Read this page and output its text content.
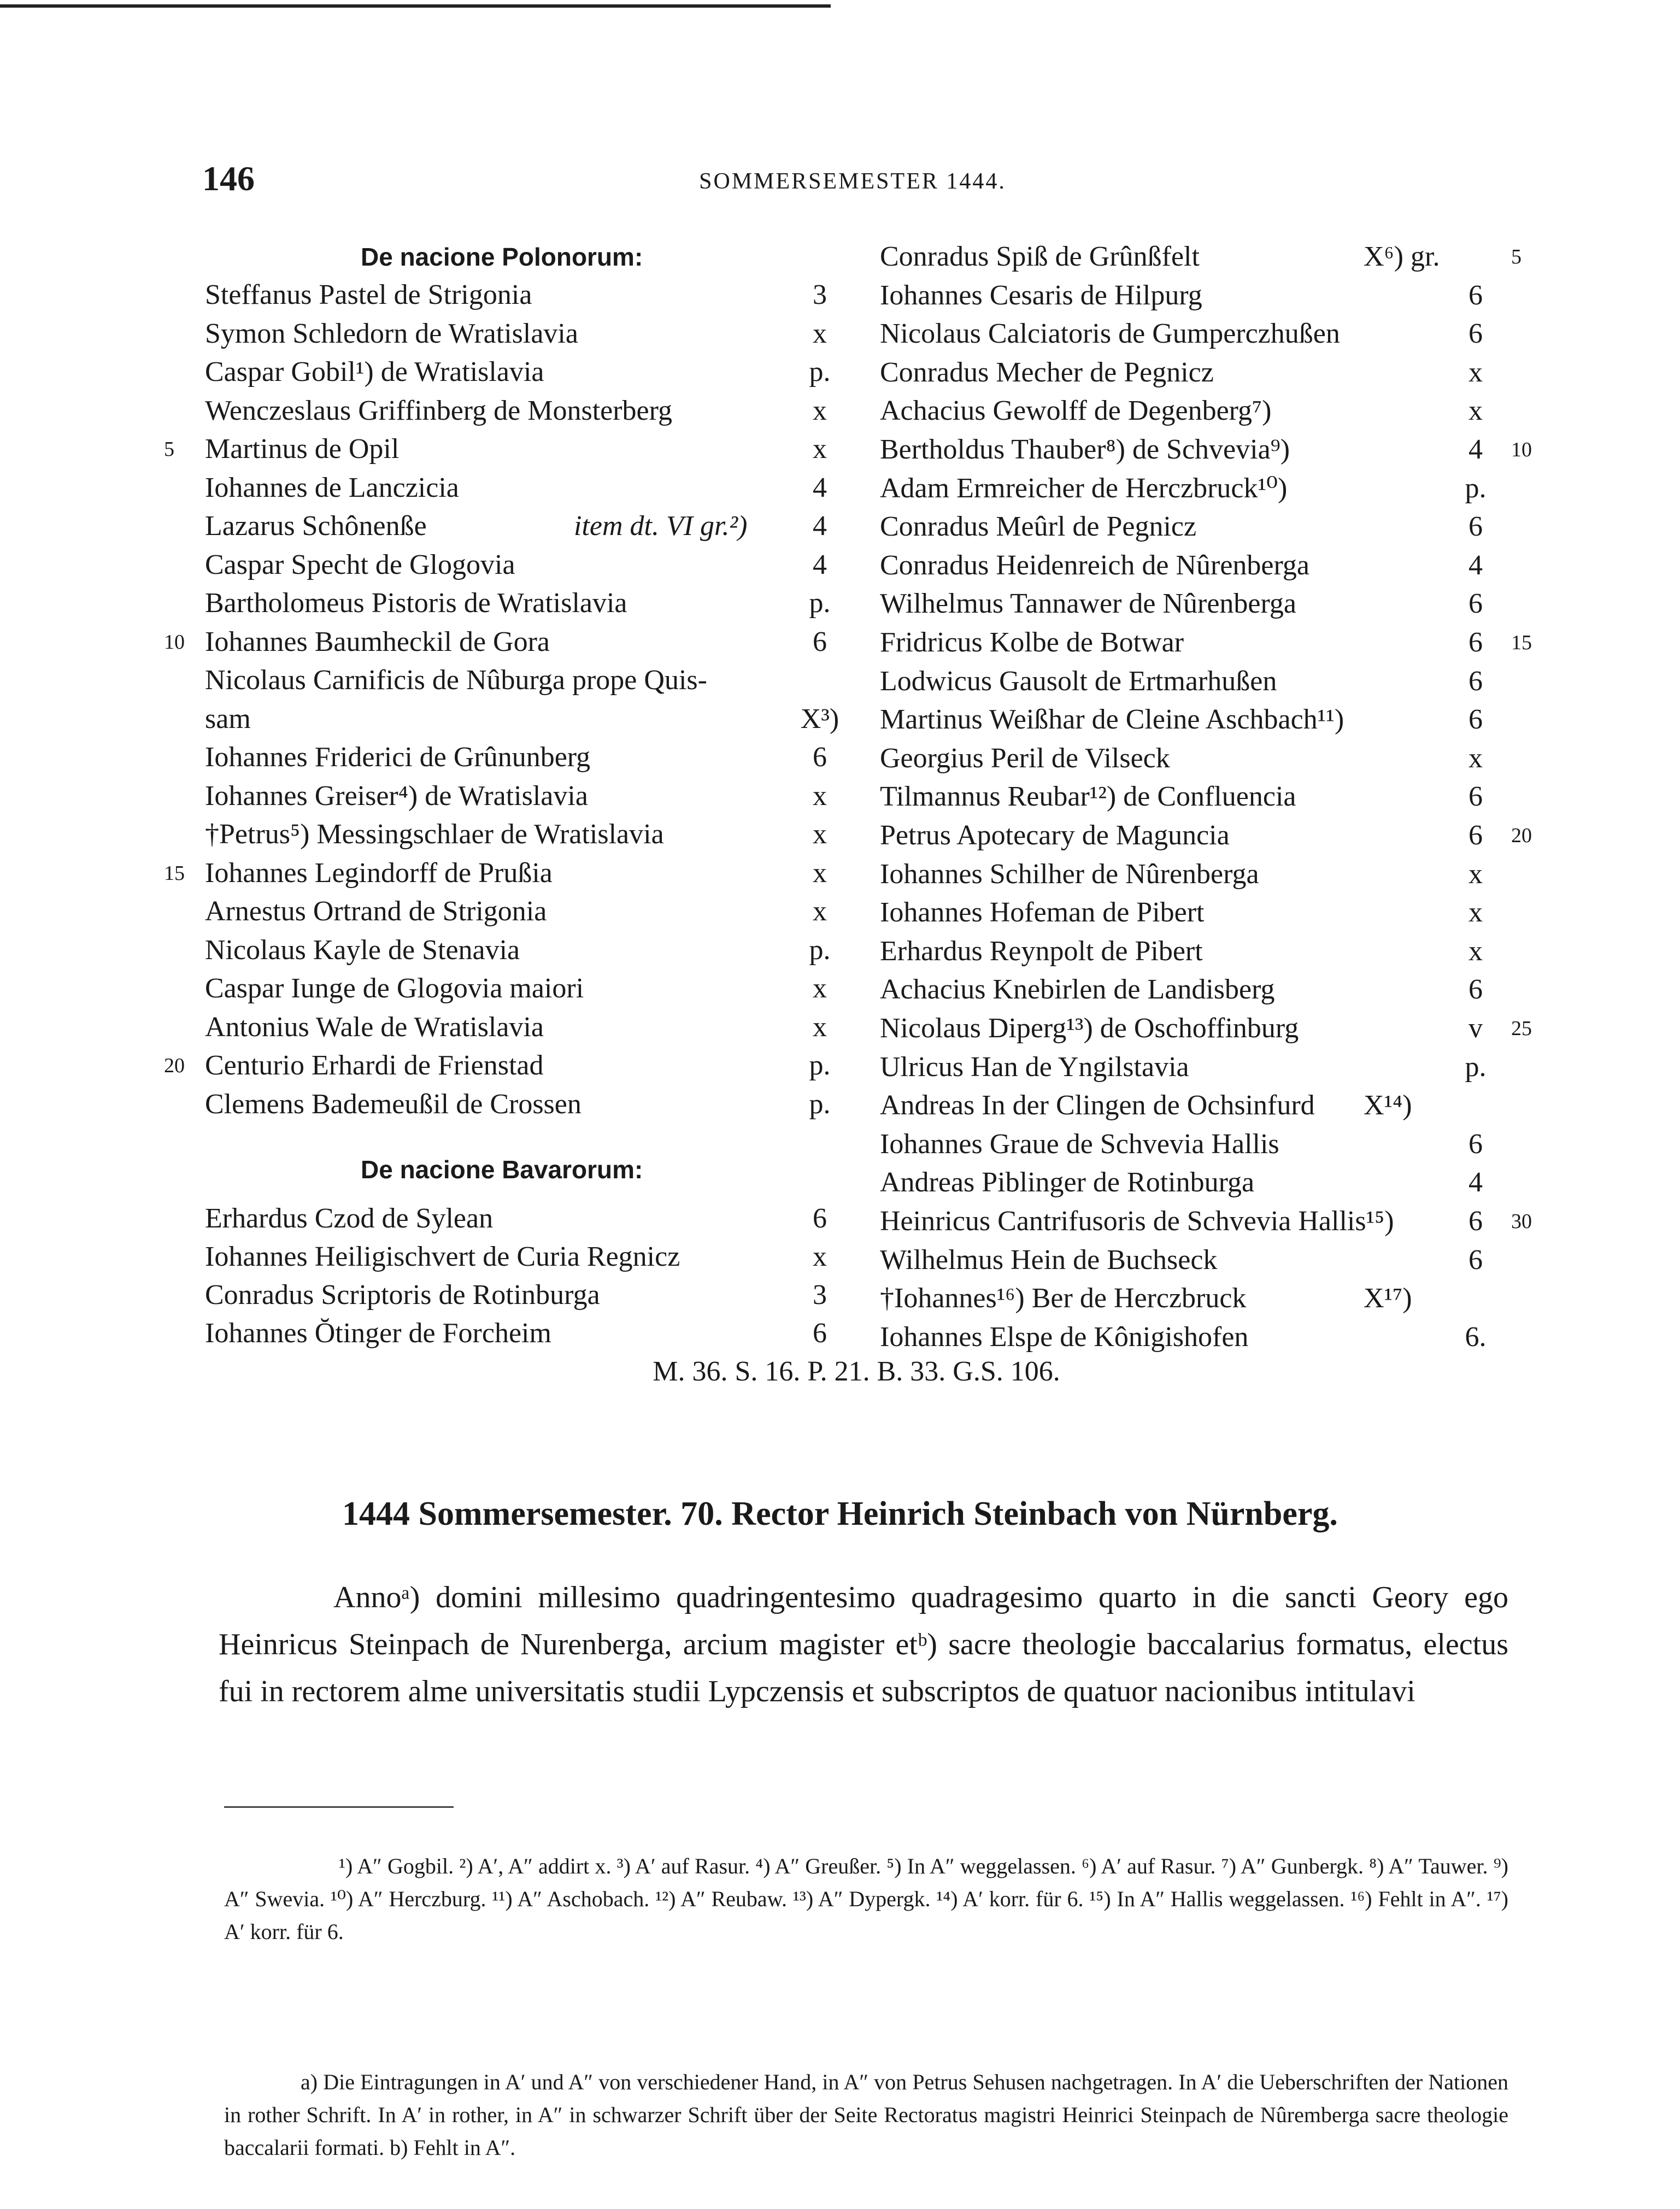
146	SOMMERSEMESTER 1444.
De nacione Polonorum:
De nacione Bavarorum:
Steffanus Pastel de Strigonia	3
Symon Schledorn de Wratislavia	x
Caspar Gobil¹) de Wratislavia	p.
Wenczeslaus Griffinberg de Monsterberg	x
Martinus de Opil	x
5
Iohannes de Lanczicia	4
Lazarus Schônenße	item dt. VI gr.²)	4
Caspar Specht de Glogovia	4
Bartholomeus Pistoris de Wratislavia	p.
Iohannes Baumheckil de Gora	6
10
Nicolaus Carnificis de Nûburga prope Quis-
sam	X³)
Iohannes Friderici de Grûnunberg	6
Iohannes Greiser⁴) de Wratislavia	x
†Petrus⁵) Messingschlaer de Wratislavia	x
Iohannes Legindorff de Prußia	x
15
Arnestus Ortrand de Strigonia	x
Nicolaus Kayle de Stenavia	p.
Caspar Iunge de Glogovia maiori	x
Antonius Wale de Wratislavia	x
Centurio Erhardi de Frienstad	p.
20
Clemens Bademeußil de Crossen	p.
Erhardus Czod de Sylean	6
Iohannes Heiligischvert de Curia Regnicz	x
Conradus Scriptoris de Rotinburga	3
Iohannes Ŏtinger de Forcheim	6
Conradus Spiß de Grûnßfelt	X⁶) gr.	5
Iohannes Cesaris de Hilpurg	6
Nicolaus Calciatoris de Gumperczhußen	6
Conradus Mecher de Pegnicz	x
Achacius Gewolff de Degenberg⁷)	x
Bertholdus Thauber⁸) de Schvevia⁹)	4	10
Adam Ermreicher de Herczbruck¹⁰)	p.
Conradus Meûrl de Pegnicz	6
Conradus Heidenreich de Nûrenberga	4
Wilhelmus Tannawer de Nûrenberga	6
Fridricus Kolbe de Botwar	6	15
Lodwicus Gausolt de Ertmarhußen	6
Martinus Weißhar de Cleine Aschbach¹¹)	6
Georgius Peril de Vilseck	x
Tilmannus Reubar¹²) de Confluencia	6
Petrus Apotecary de Maguncia	6	20
Iohannes Schilher de Nûrenberga	x
Iohannes Hofeman de Pibert	x
Erhardus Reynpolt de Pibert	x
Achacius Knebirlen de Landisberg	6
Nicolaus Diperg¹³) de Oschoffinburg	v	25
Ulricus Han de Yngilstavia	p.
Andreas In der Clingen de Ochsinfurd X¹⁴)
Iohannes Graue de Schvevia Hallis	6
Andreas Piblinger de Rotinburga	4
Heinricus Cantrifusoris de Schvevia Hallis¹⁵)	6	30
Wilhelmus Hein de Buchseck	6
†Iohannes¹⁶) Ber de Herczbruck	X¹⁷)
Iohannes Elspe de Kônigishofen	6.
M. 36. S. 16. P. 21. B. 33. G.S. 106.
1444 Sommersemester. 70. Rector Heinrich Steinbach von Nürnberg.
Annoᵃ) domini millesimo quadringentesimo quadragesimo quarto in die sancti Geory ego Heinricus Steinpach de Nurenberga, arcium magister etᵇ) sacre theologie baccalarius formatus, electus fui in rectorem alme universitatis studii Lypczensis et subscriptos de quatuor nacionibus intitulavi
¹) A″ Gogbil. ²) A′, A″ addirt x. ³) A′ auf Rasur. ⁴) A″ Greußer. ⁵) In A″ weggelassen. ⁶) A′ auf Rasur. ⁷) A″ Gunbergk. ⁸) A″ Tauwer. ⁹) A″ Swevia. ¹⁰) A″ Herczburg. ¹¹) A″ Aschobach. ¹²) A″ Reubaw. ¹³) A″ Dypergk. ¹⁴) A′ korr. für 6. ¹⁵) In A″ Hallis weggelassen. ¹⁶) Fehlt in A″. ¹⁷) A′ korr. für 6.
a) Die Eintragungen in A′ und A″ von verschiedener Hand, in A″ von Petrus Sehusen nachgetragen. In A′ die Ueberschriften der Nationen in rother Schrift. In A′ in rother, in A″ in schwarzer Schrift über der Seite Rectoratus magistri Heinrici Steinpach de Nûremberga sacre theologie baccalarii formati. b) Fehlt in A″.
